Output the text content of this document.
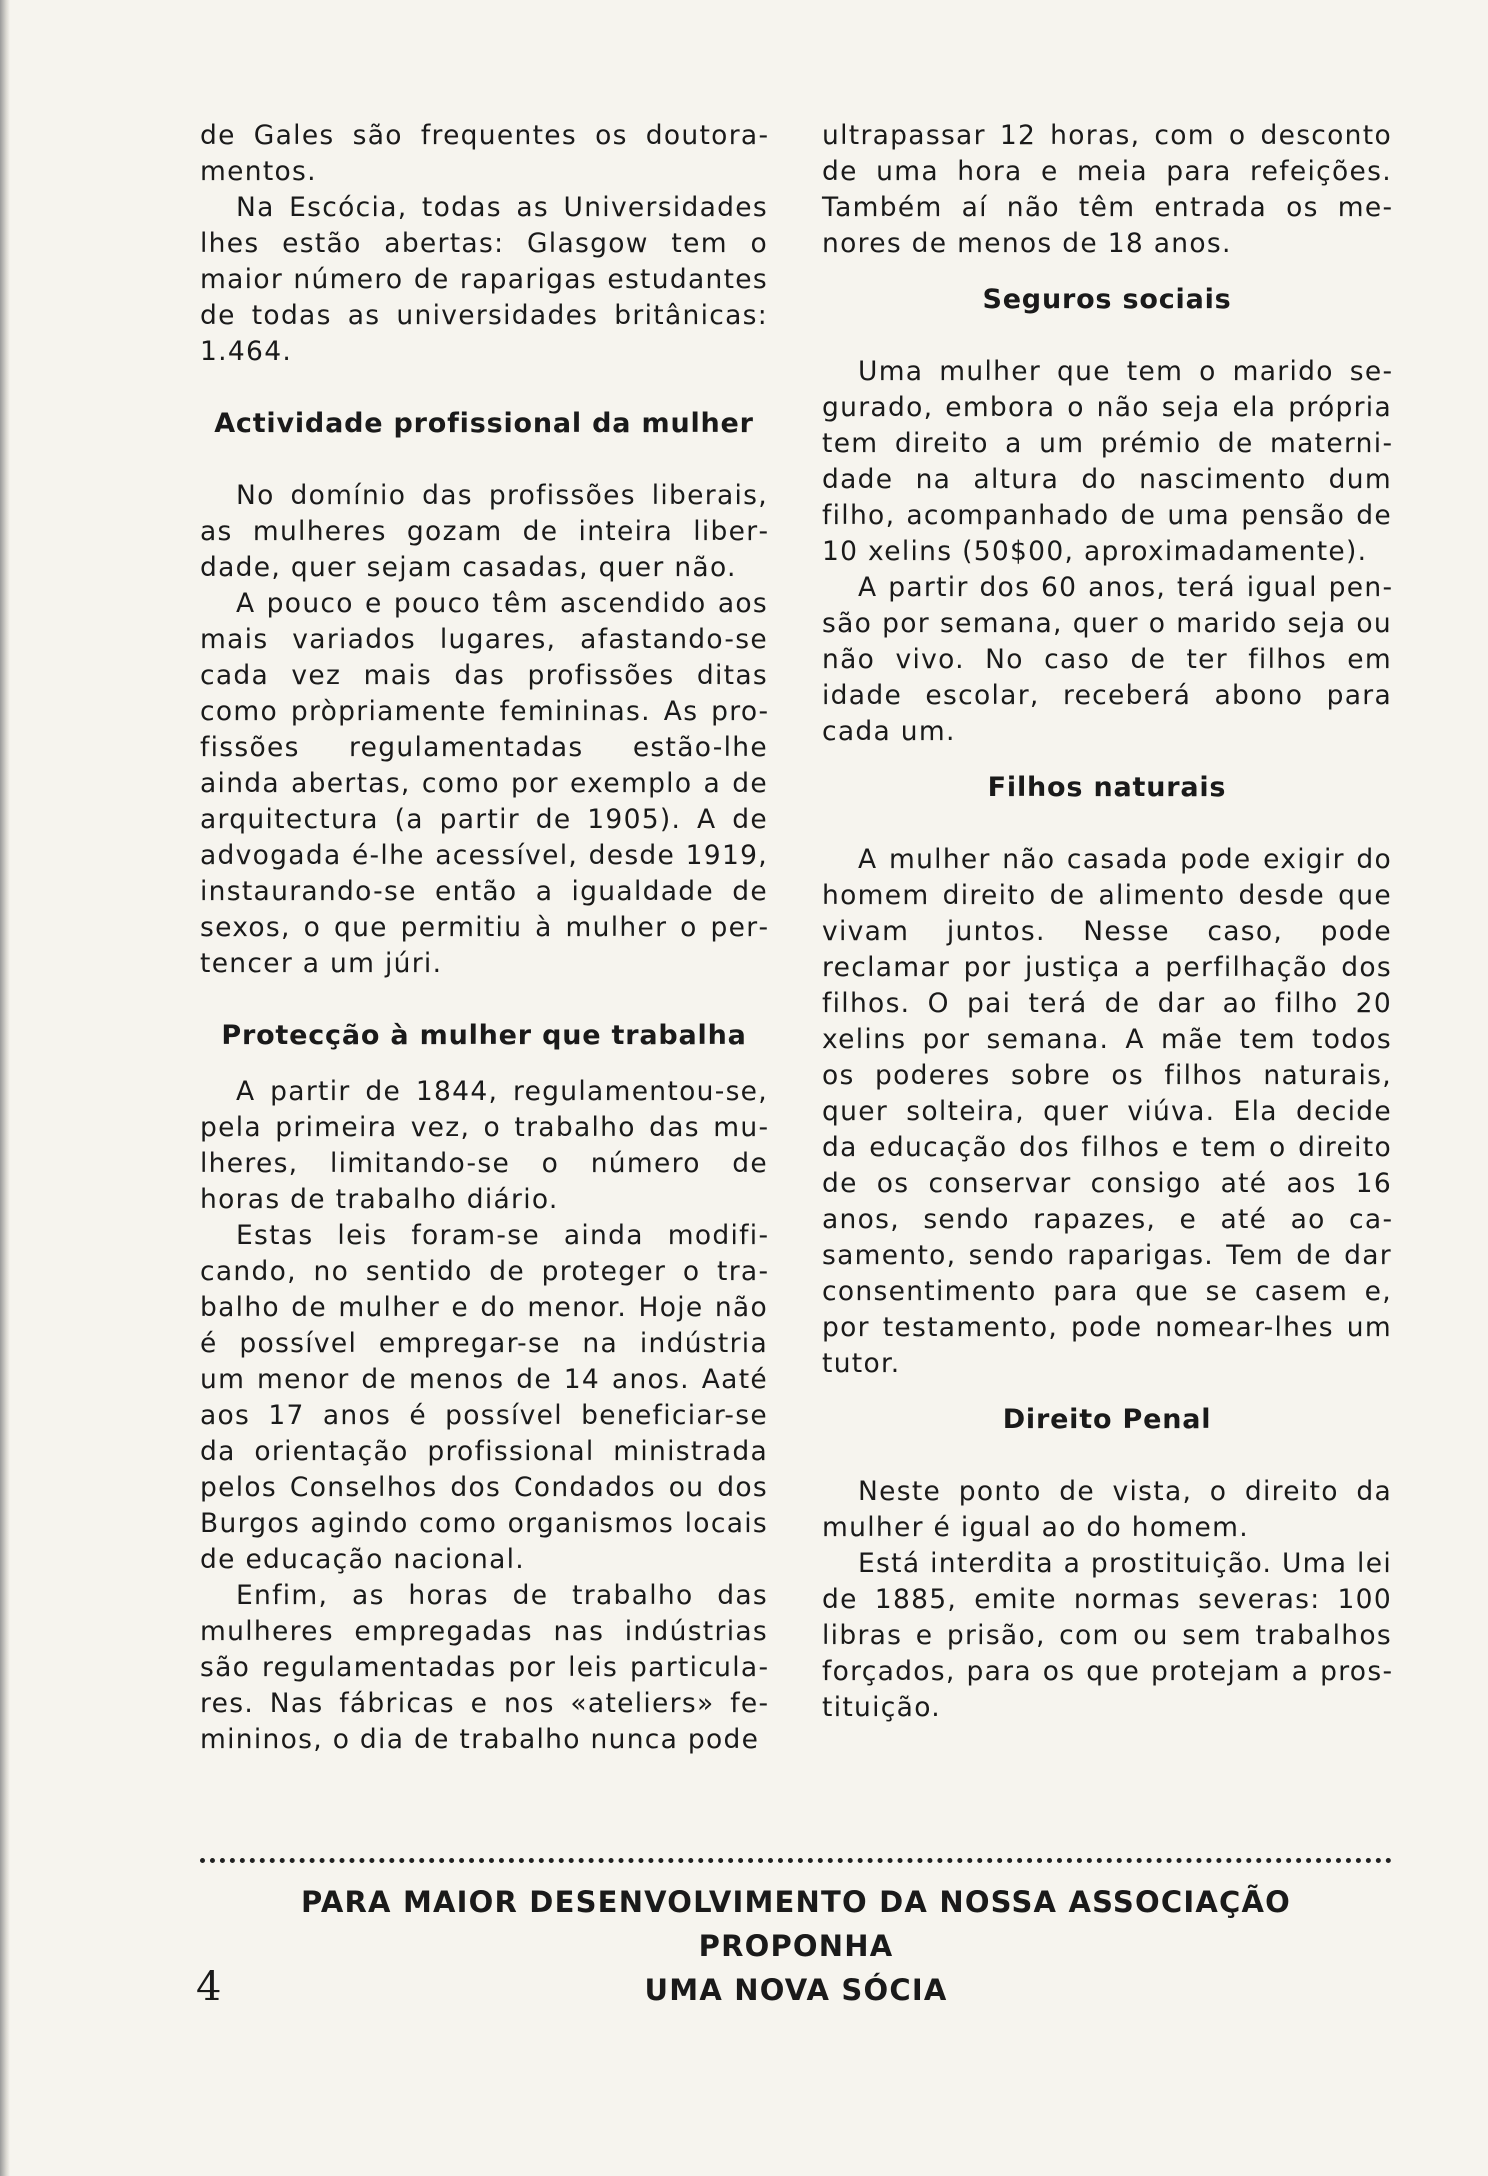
de Gales são frequentes os doutoramentos.

Na Escócia, todas as Universidades lhes estão abertas: Glasgow tem o maior número de raparigas estudantes de todas as universidades britânicas: 1.464.

Actividade profissional da mulher

No domínio das profissões liberais, as mulheres gozam de inteira liberdade, quer sejam casadas, quer não.

A pouco e pouco têm ascendido aos mais variados lugares, afastando-se cada vez mais das profissões ditas como pròpriamente femininas. As profissões regulamentadas estão-lhe ainda abertas, como por exemplo a de arquitectura (a partir de 1905). A de advogada é-lhe acessível, desde 1919, instaurando-se então a igualdade de sexos, o que permitiu à mulher o pertencer a um júri.

Protecção à mulher que trabalha

A partir de 1844, regulamentou-se, pela primeira vez, o trabalho das mulheres, limitando-se o número de horas de trabalho diário.

Estas leis foram-se ainda modificando, no sentido de proteger o trabalho de mulher e do menor. Hoje não é possível empregar-se na indústria um menor de menos de 14 anos. Aaté aos 17 anos é possível beneficiar-se da orientação profissional ministrada pelos Conselhos dos Condados ou dos Burgos agindo como organismos locais de educação nacional.

Enfim, as horas de trabalho das mulheres empregadas nas indústrias são regulamentadas por leis particulares. Nas fábricas e nos «ateliers» femininos, o dia de trabalho nunca pode

ultrapassar 12 horas, com o desconto de uma hora e meia para refeições. Também aí não têm entrada os menores de menos de 18 anos.

Seguros sociais

Uma mulher que tem o marido segurado, embora o não seja ela própria tem direito a um prémio de maternidade na altura do nascimento dum filho, acompanhado de uma pensão de 10 xelins (50$00, aproximadamente).

A partir dos 60 anos, terá igual pensão por semana, quer o marido seja ou não vivo. No caso de ter filhos em idade escolar, receberá abono para cada um.

Filhos naturais

A mulher não casada pode exigir do homem direito de alimento desde que vivam juntos. Nesse caso, pode reclamar por justiça a perfilhação dos filhos. O pai terá de dar ao filho 20 xelins por semana. A mãe tem todos os poderes sobre os filhos naturais, quer solteira, quer viúva. Ela decide da educação dos filhos e tem o direito de os conservar consigo até aos 16 anos, sendo rapazes, e até ao casamento, sendo raparigas. Tem de dar consentimento para que se casem e, por testamento, pode nomear-lhes um tutor.

Direito Penal

Neste ponto de vista, o direito da mulher é igual ao do homem.

Está interdita a prostituição. Uma lei de 1885, emite normas severas: 100 libras e prisão, com ou sem trabalhos forçados, para os que protejam a prostituição.

PARA MAIOR DESENVOLVIMENTO DA NOSSA ASSOCIAÇÃO PROPONHA
UMA NOVA SÓCIA
4
